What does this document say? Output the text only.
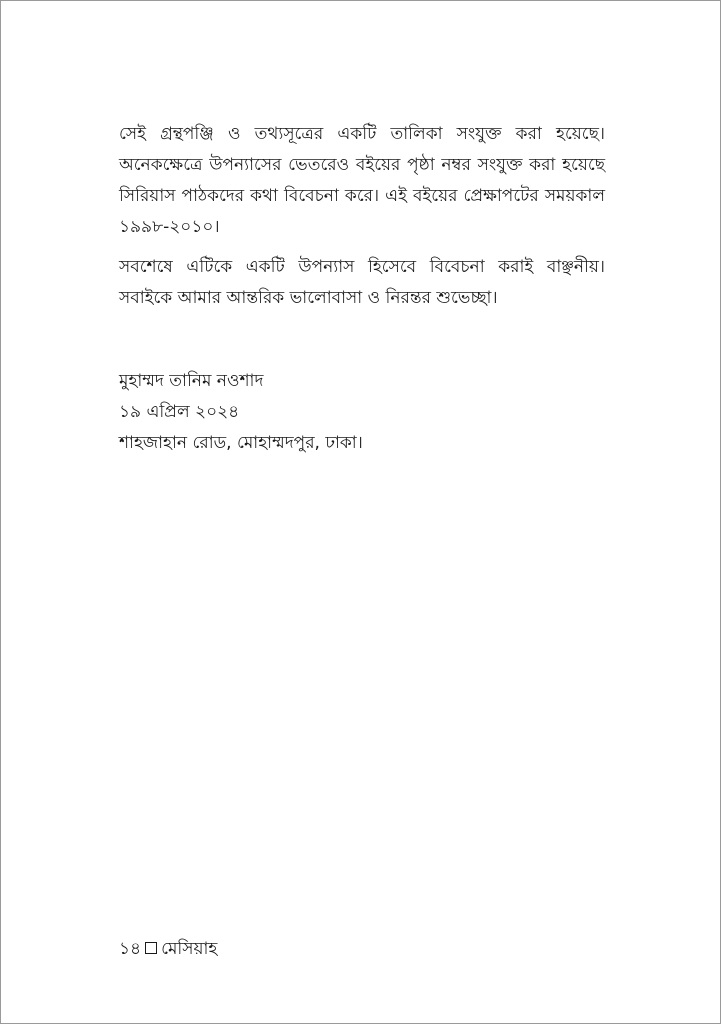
সেই গ্রন্থপঞ্জি ও তথ্যসূত্রের একটি তালিকা সংযুক্ত করা হয়েছে। অনেকক্ষেত্রে উপন্যাসের ভেতরেও বইয়ের পৃষ্ঠা নম্বর সংযুক্ত করা হয়েছে সিরিয়াস পাঠকদের কথা বিবেচনা করে। এই বইয়ের প্রেক্ষাপটের সময়কাল ১৯৯৮-২০১০।

সবশেষে এটিকে একটি উপন্যাস হিসেবে বিবেচনা করাই বাঞ্ছনীয়। সবাইকে আমার আন্তরিক ভালোবাসা ও নিরন্তর শুভেচ্ছা।

মুহাম্মদ তানিম নওশাদ
১৯ এপ্রিল ২০২৪
শাহজাহান রোড, মোহাম্মদপুর, ঢাকা।
১৪ মেসিয়াহ
